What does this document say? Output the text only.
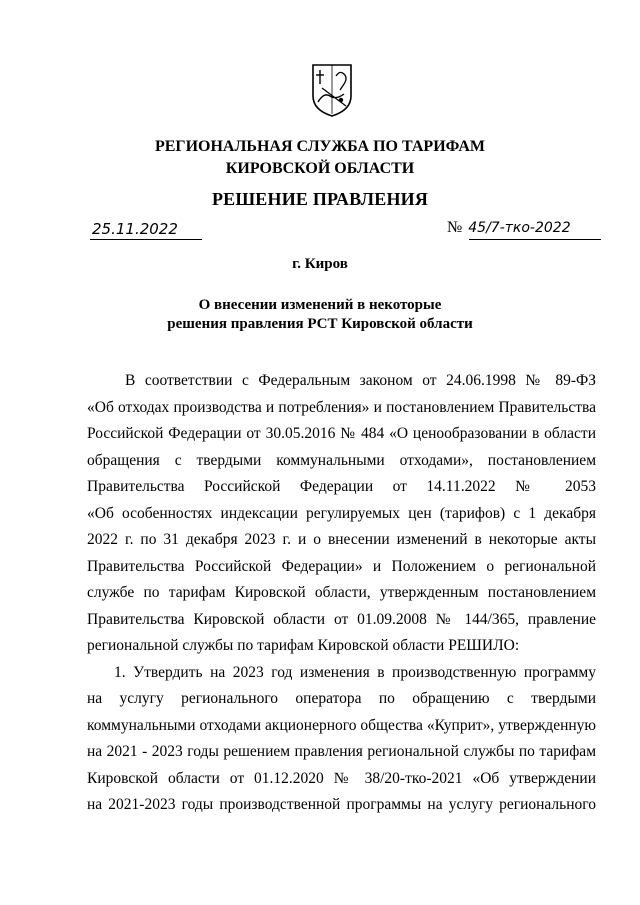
РЕГИОНАЛЬНАЯ СЛУЖБА ПО ТАРИФАМ
КИРОВСКОЙ ОБЛАСТИ
РЕШЕНИЕ ПРАВЛЕНИЯ
25.11.2022	№ 45/7-тко-2022
г. Киров
О внесении изменений в некоторые
решения правления РСТ Кировской области
В соответствии с Федеральным законом от 24.06.1998 № 89-ФЗ
«Об отходах производства и потребления» и постановлением Правительства
Российской Федерации от 30.05.2016 № 484 «О ценообразовании в области
обращения с твердыми коммунальными отходами», постановлением
Правительства Российской Федерации от 14.11.2022 № 2053
«Об особенностях индексации регулируемых цен (тарифов) с 1 декабря
2022 г. по 31 декабря 2023 г. и о внесении изменений в некоторые акты
Правительства Российской Федерации» и Положением о региональной
службе по тарифам Кировской области, утвержденным постановлением
Правительства Кировской области от 01.09.2008 № 144/365, правление
региональной службы по тарифам Кировской области РЕШИЛО:
1. Утвердить на 2023 год изменения в производственную программу
на услугу регионального оператора по обращению с твердыми
коммунальными отходами акционерного общества «Куприт», утвержденную
на 2021 - 2023 годы решением правления региональной службы по тарифам
Кировской области от 01.12.2020 № 38/20-тко-2021 «Об утверждении
на 2021-2023 годы производственной программы на услугу регионального
